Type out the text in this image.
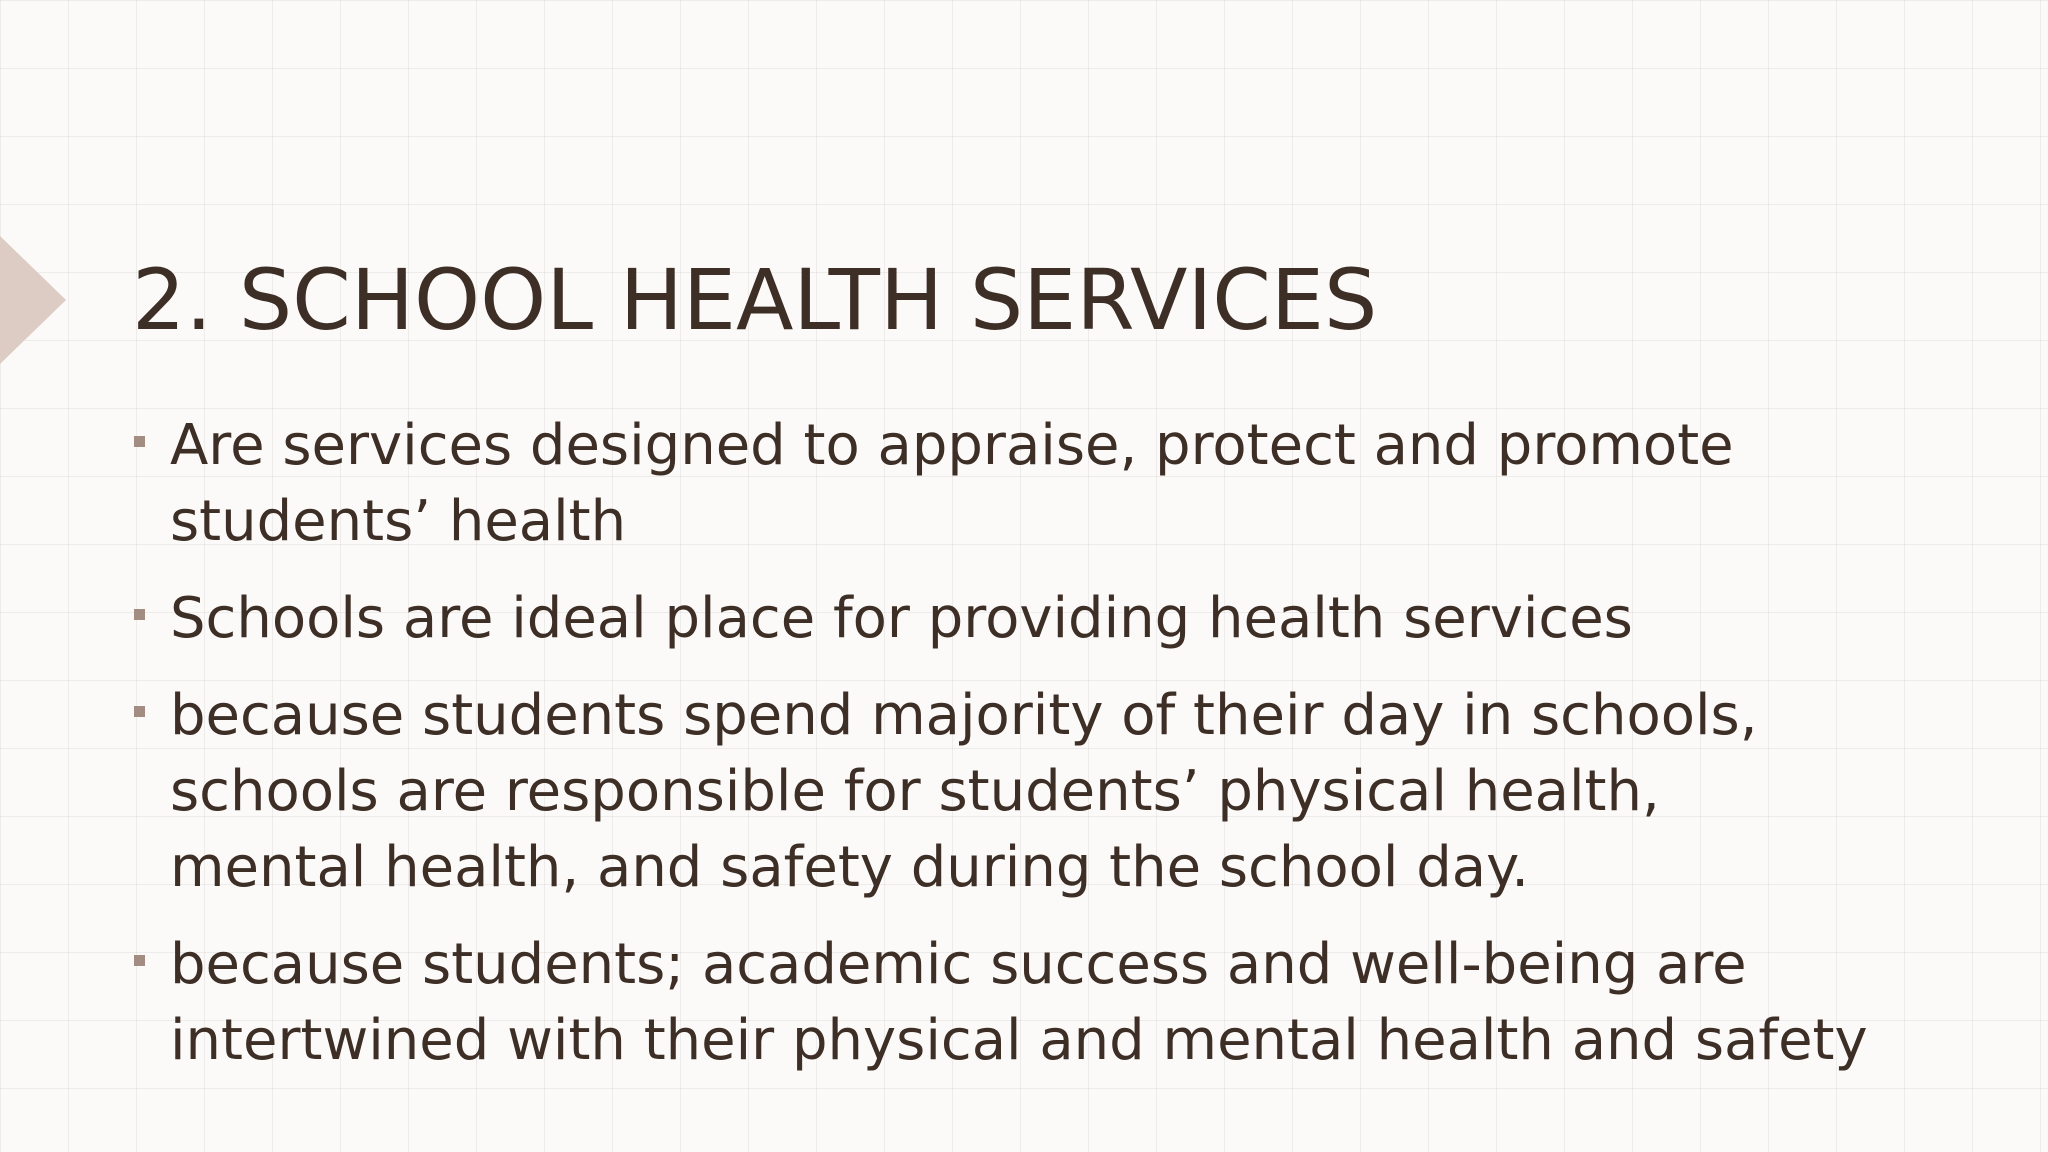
2. SCHOOL HEALTH SERVICES
Are services designed to appraise, protect and promote students’ health
Schools are ideal place for providing health services
because students spend majority of their day in schools, schools are responsible for students’ physical health, mental health, and safety during the school day.
because students; academic success and well-being are intertwined with their physical and mental health and safety
